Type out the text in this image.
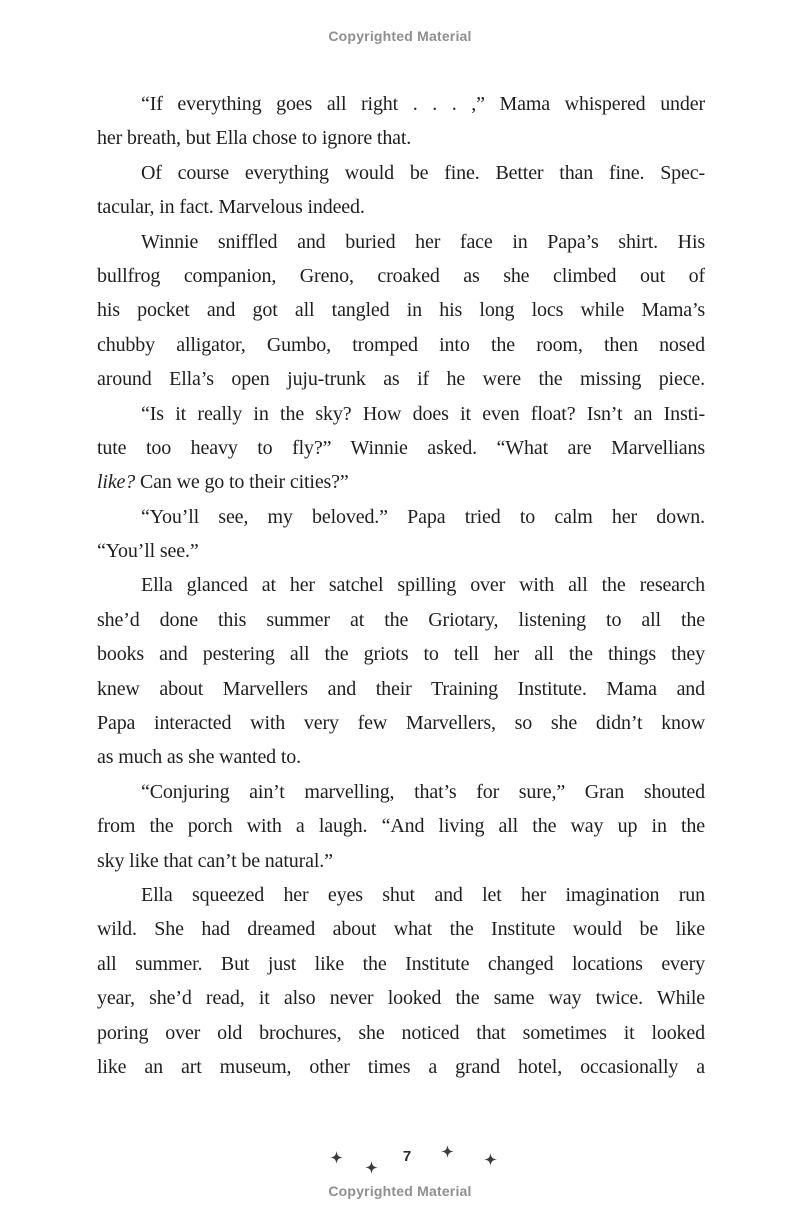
Copyrighted Material
“If everything goes all right . . . ,” Mama whispered under
her breath, but Ella chose to ignore that.
Of course everything would be fine. Better than fine. Spec-
tacular, in fact. Marvelous indeed.
Winnie sniffled and buried her face in Papa’s shirt. His
bullfrog companion, Greno, croaked as she climbed out of
his pocket and got all tangled in his long locs while Mama’s
chubby alligator, Gumbo, tromped into the room, then nosed
around Ella’s open juju-trunk as if he were the missing piece.
“Is it really in the sky? How does it even float? Isn’t an Insti-
tute too heavy to fly?” Winnie asked. “What are Marvellians
like? Can we go to their cities?”
“You’ll see, my beloved.” Papa tried to calm her down.
“You’ll see.”
Ella glanced at her satchel spilling over with all the research
she’d done this summer at the Griotary, listening to all the
books and pestering all the griots to tell her all the things they
knew about Marvellers and their Training Institute. Mama and
Papa interacted with very few Marvellers, so she didn’t know
as much as she wanted to.
“Conjuring ain’t marvelling, that’s for sure,” Gran shouted
from the porch with a laugh. “And living all the way up in the
sky like that can’t be natural.”
Ella squeezed her eyes shut and let her imagination run
wild. She had dreamed about what the Institute would be like
all summer. But just like the Institute changed locations every
year, she’d read, it also never looked the same way twice. While
poring over old brochures, she noticed that sometimes it looked
like an art museum, other times a grand hotel, occasionally a
7
Copyrighted Material
